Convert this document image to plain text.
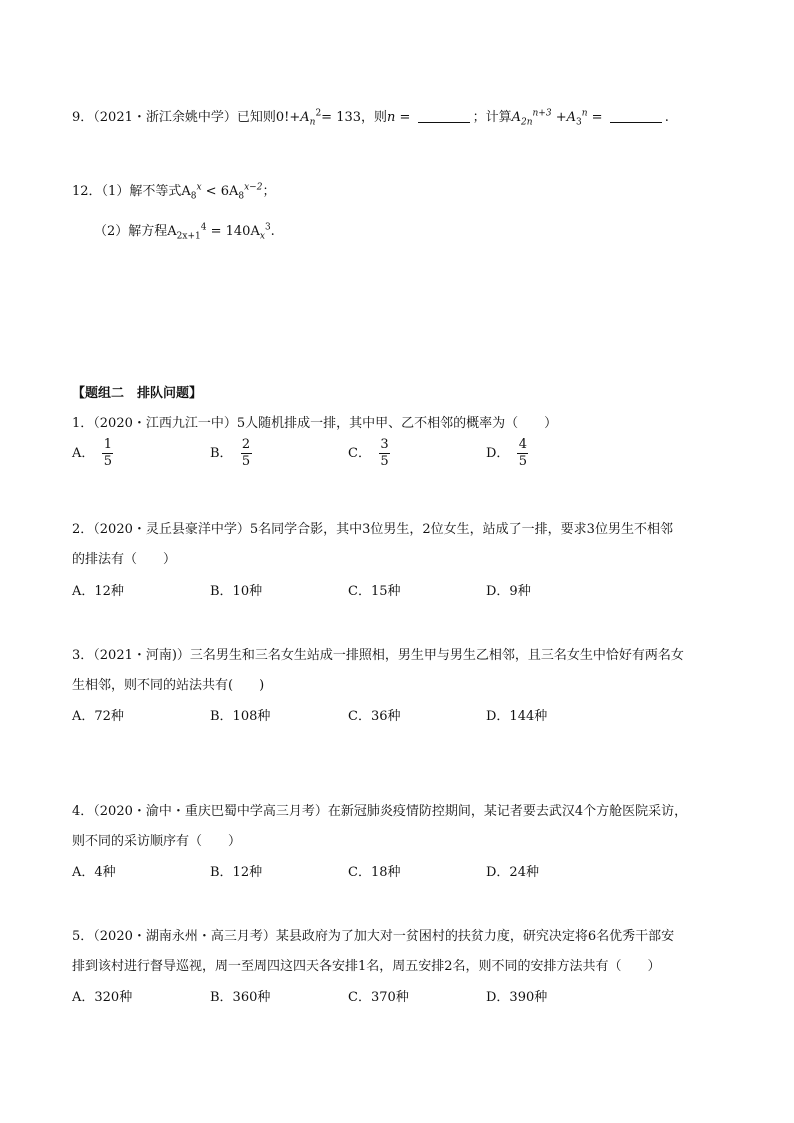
9．（2021・浙江余姚中学）已知则$0!+A_n^2= 133$，则n =	；计算$A_{2n}^{n+3} +A_3^n$ =	.
12．（1）解不等式$A_8^x < 6A_8^{x-2}$；
（2）解方程$A_{2x+1}^4 = 140A_x^3$.
【题组二　排队问题】
1．（2020・江西九江一中）5人随机排成一排，其中甲、乙不相邻的概率为（　　）
A． $\frac{1}{5}$	B． $\frac{2}{5}$	C． $\frac{3}{5}$	D． $\frac{4}{5}$
2．（2020・灵丘县豪洋中学）5名同学合影，其中3位男生，2位女生，站成了一排，要求3位男生不相邻
的排法有（　　）
A．12种	B．10种	C．15种	D．9种
3．（2021・河南)）三名男生和三名女生站成一排照相，男生甲与男生乙相邻，且三名女生中恰好有两名女
生相邻，则不同的站法共有(　　)
A．72种	B．108种	C．36种	D．144种
4．（2020・渝中・重庆巴蜀中学高三月考）在新冠肺炎疫情防控期间，某记者要去武汉4个方舱医院采访，
则不同的采访顺序有（　　）
A．4种	B．12种	C．18种	D．24种
5．（2020・湖南永州・高三月考）某县政府为了加大对一贫困村的扶贫力度，研究决定将6名优秀干部安
排到该村进行督导巡视，周一至周四这四天各安排1名，周五安排2名，则不同的安排方法共有（　　）
A．320种	B．360种	C．370种	D．390种
